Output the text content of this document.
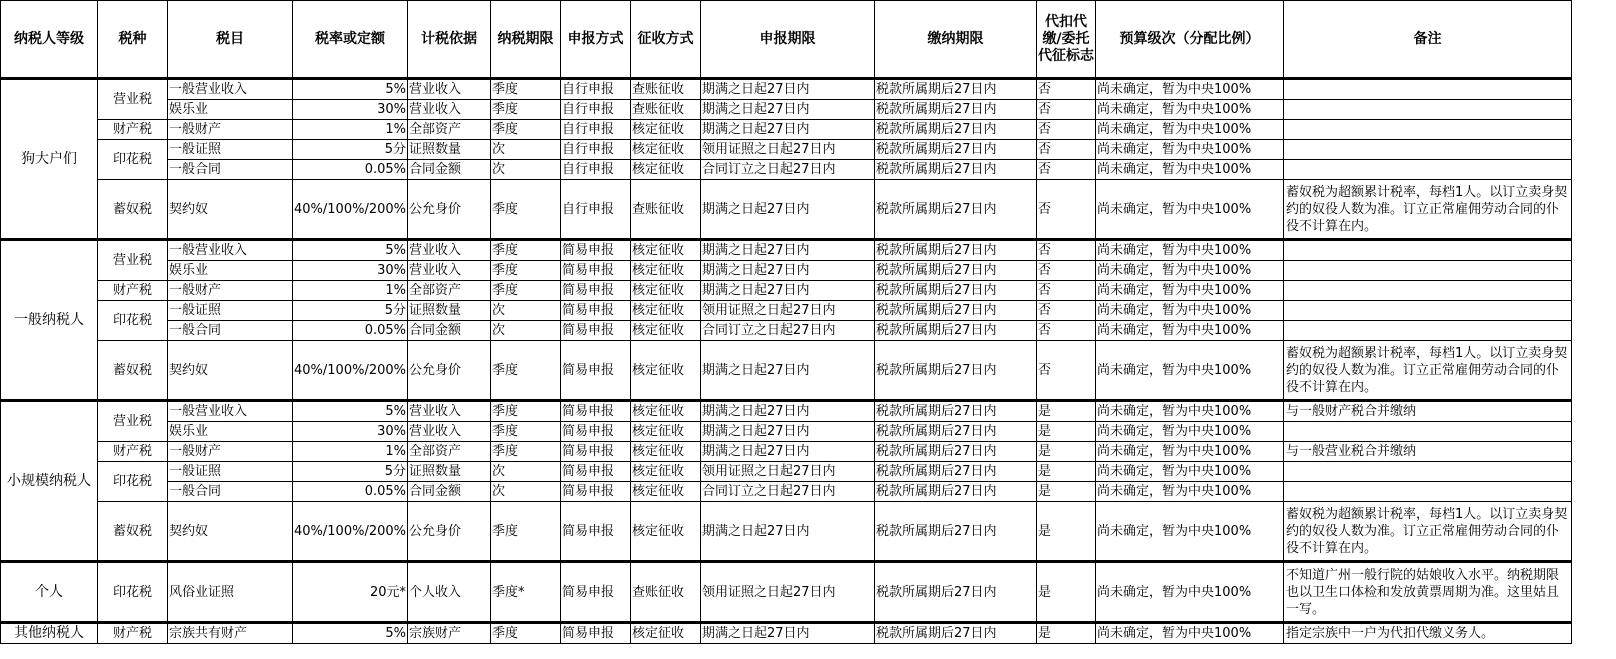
纳税人等级	税种	税目	税率或定额	计税依据	纳税期限	申报方式	征收方式	申报期限	缴纳期限	代扣代缴/委托代征标志	预算级次（分配比例）	备注
狗大户们	营业税	一般营业收入	5%	营业收入	季度	自行申报	查账征收	期满之日起27日内	税款所属期后27日内	否	尚未确定，暂为中央100%	
		娱乐业	30%	营业收入	季度	自行申报	查账征收	期满之日起27日内	税款所属期后27日内	否	尚未确定，暂为中央100%	
	财产税	一般财产	1%	全部资产	季度	自行申报	核定征收	期满之日起27日内	税款所属期后27日内	否	尚未确定，暂为中央100%	
	印花税	一般证照	5分	证照数量	次	自行申报	核定征收	领用证照之日起27日内	税款所属期后27日内	否	尚未确定，暂为中央100%	
		一般合同	0.05%	合同金额	次	自行申报	核定征收	合同订立之日起27日内	税款所属期后27日内	否	尚未确定，暂为中央100%	
	蓄奴税	契约奴	40%/100%/200%	公允身价	季度	自行申报	查账征收	期满之日起27日内	税款所属期后27日内	否	尚未确定，暂为中央100%	蓄奴税为超额累计税率，每档1人。以订立卖身契约的奴役人数为准。订立正常雇佣劳动合同的仆役不计算在内。
一般纳税人	营业税	一般营业收入	5%	营业收入	季度	简易申报	核定征收	期满之日起27日内	税款所属期后27日内	否	尚未确定，暂为中央100%	
		娱乐业	30%	营业收入	季度	简易申报	核定征收	期满之日起27日内	税款所属期后27日内	否	尚未确定，暂为中央100%	
	财产税	一般财产	1%	全部资产	季度	简易申报	核定征收	期满之日起27日内	税款所属期后27日内	否	尚未确定，暂为中央100%	
	印花税	一般证照	5分	证照数量	次	简易申报	核定征收	领用证照之日起27日内	税款所属期后27日内	否	尚未确定，暂为中央100%	
		一般合同	0.05%	合同金额	次	简易申报	核定征收	合同订立之日起27日内	税款所属期后27日内	否	尚未确定，暂为中央100%	
	蓄奴税	契约奴	40%/100%/200%	公允身价	季度	简易申报	核定征收	期满之日起27日内	税款所属期后27日内	否	尚未确定，暂为中央100%	蓄奴税为超额累计税率，每档1人。以订立卖身契约的奴役人数为准。订立正常雇佣劳动合同的仆役不计算在内。
小规模纳税人	营业税	一般营业收入	5%	营业收入	季度	简易申报	核定征收	期满之日起27日内	税款所属期后27日内	是	尚未确定，暂为中央100%	与一般财产税合并缴纳
		娱乐业	30%	营业收入	季度	简易申报	核定征收	期满之日起27日内	税款所属期后27日内	是	尚未确定，暂为中央100%	
	财产税	一般财产	1%	全部资产	季度	简易申报	核定征收	期满之日起27日内	税款所属期后27日内	是	尚未确定，暂为中央100%	与一般营业税合并缴纳
	印花税	一般证照	5分	证照数量	次	简易申报	核定征收	领用证照之日起27日内	税款所属期后27日内	是	尚未确定，暂为中央100%	
		一般合同	0.05%	合同金额	次	简易申报	核定征收	合同订立之日起27日内	税款所属期后27日内	是	尚未确定，暂为中央100%	
	蓄奴税	契约奴	40%/100%/200%	公允身价	季度	简易申报	核定征收	期满之日起27日内	税款所属期后27日内	是	尚未确定，暂为中央100%	蓄奴税为超额累计税率，每档1人。以订立卖身契约的奴役人数为准。订立正常雇佣劳动合同的仆役不计算在内。
个人	印花税	风俗业证照	20元*	个人收入	季度*	简易申报	查账征收	领用证照之日起27日内	税款所属期后27日内	是	尚未确定，暂为中央100%	不知道广州一般行院的姑娘收入水平。纳税期限也以卫生口体检和发放黄票周期为准。这里姑且一写。
其他纳税人	财产税	宗族共有财产	5%	宗族财产	季度	简易申报	核定征收	期满之日起27日内	税款所属期后27日内	是	尚未确定，暂为中央100%	指定宗族中一户为代扣代缴义务人。
